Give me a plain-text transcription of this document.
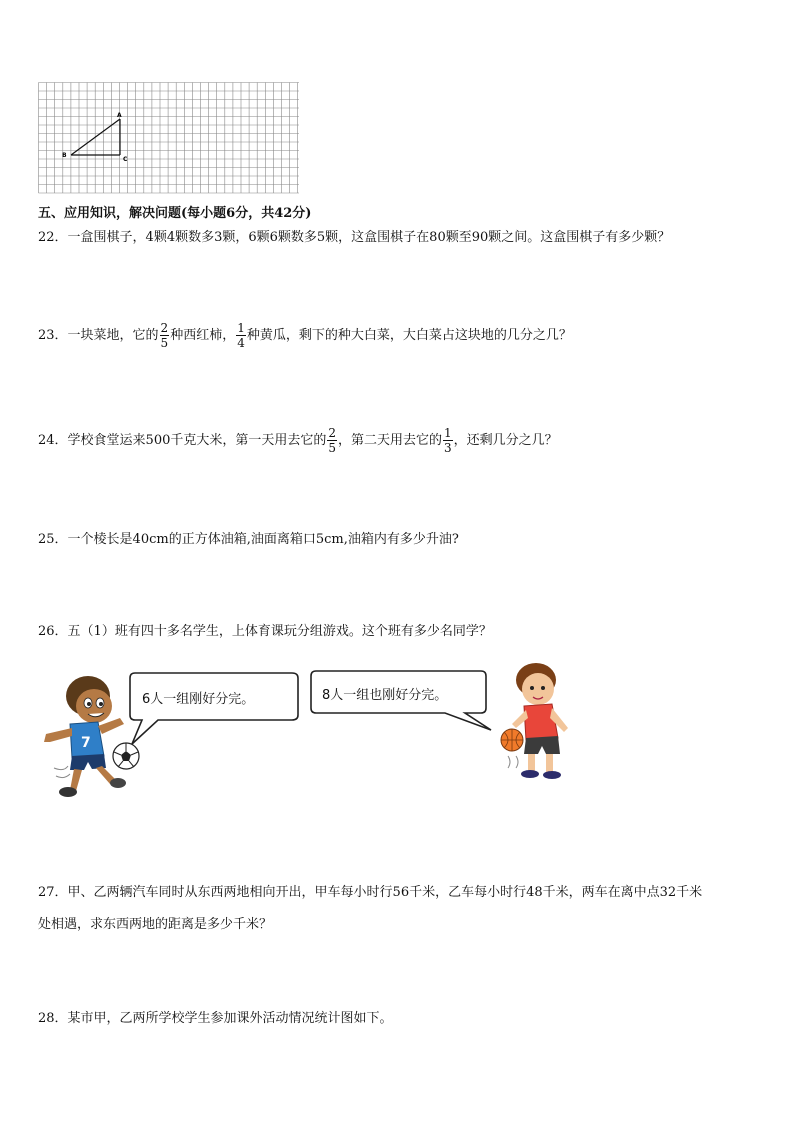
A
B
C
五、应用知识，解决问题(每小题6分，共42分)
22．一盒围棋子，4颗4颗数多3颗，6颗6颗数多5颗，这盒围棋子在80颗至90颗之间。这盒围棋子有多少颗？
23．一块菜地，它的 $\frac{2}{5}$ 种西红柿， $\frac{1}{4}$ 种黄瓜，剩下的种大白菜，大白菜占这块地的几分之几？
24．学校食堂运来500千克大米，第一天用去它的 $\frac{2}{5}$ ，第二天用去它的 $\frac{1}{3}$ ，还剩几分之几？
25．一个棱长是40cm的正方体油箱,油面离箱口5cm,油箱内有多少升油?
26．五（1）班有四十多名学生，上体育课玩分组游戏。这个班有多少名同学？
6人一组刚好分完。	8人一组也刚好分完。
7
27．甲、乙两辆汽车同时从东西两地相向开出，甲车每小时行56千米，乙车每小时行48千米，两车在离中点32千米
处相遇，求东西两地的距离是多少千米？
28．某市甲，乙两所学校学生参加课外活动情况统计图如下。
